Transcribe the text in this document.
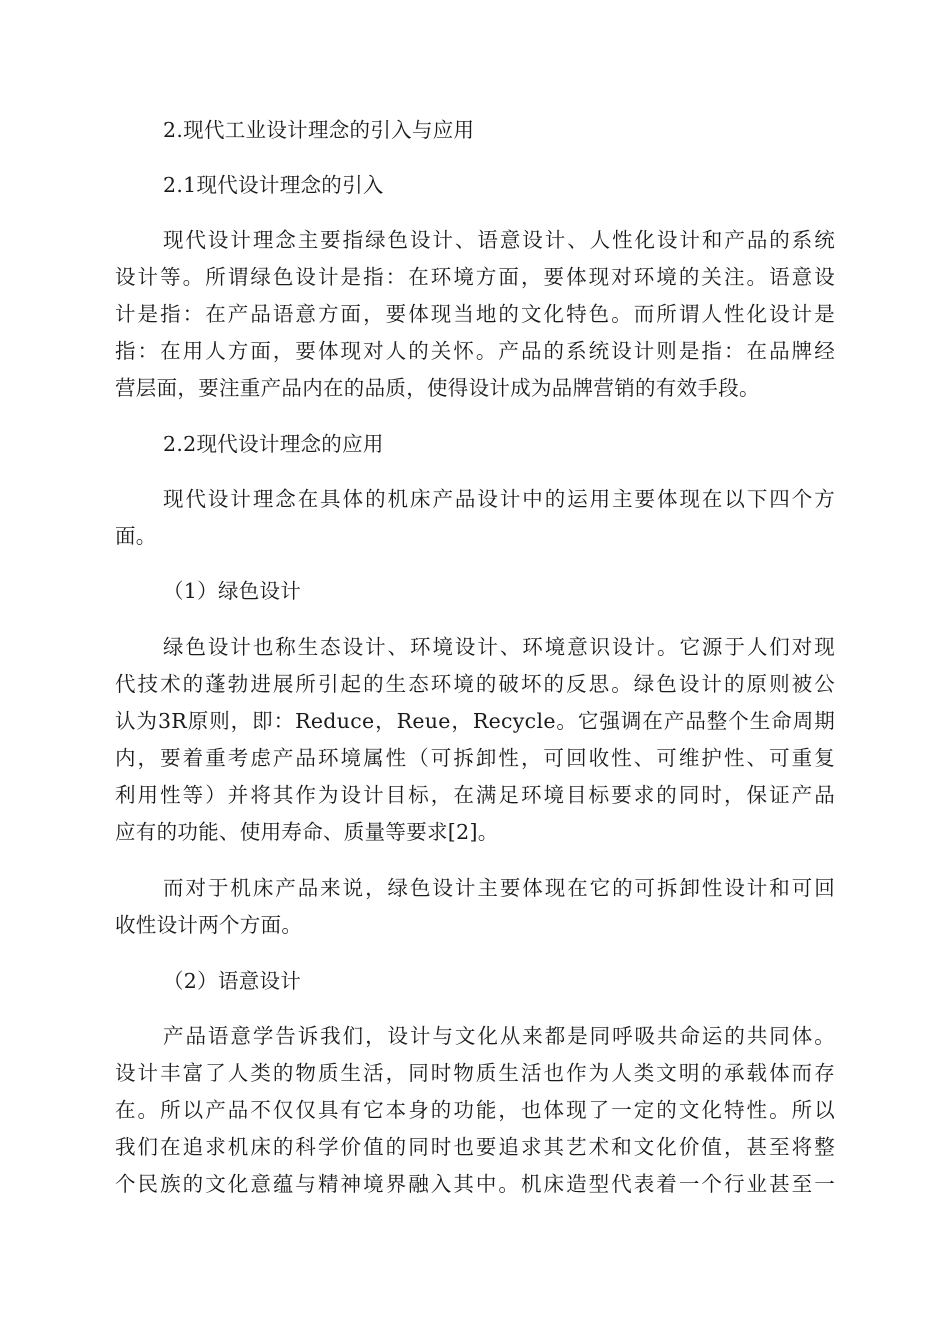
2.现代工业设计理念的引入与应用
2.1现代设计理念的引入
现代设计理念主要指绿色设计、语意设计、人性化设计和产品的系统
设计等。所谓绿色设计是指：在环境方面，要体现对环境的关注。语意设
计是指：在产品语意方面，要体现当地的文化特色。而所谓人性化设计是
指：在用人方面，要体现对人的关怀。产品的系统设计则是指：在品牌经
营层面，要注重产品内在的品质，使得设计成为品牌营销的有效手段。
2.2现代设计理念的应用
现代设计理念在具体的机床产品设计中的运用主要体现在以下四个方
面。
（1）绿色设计
绿色设计也称生态设计、环境设计、环境意识设计。它源于人们对现
代技术的蓬勃进展所引起的生态环境的破坏的反思。绿色设计的原则被公
认为3R原则，即：Reduce，Reue，Recycle。它强调在产品整个生命周期
内，要着重考虑产品环境属性（可拆卸性，可回收性、可维护性、可重复
利用性等）并将其作为设计目标，在满足环境目标要求的同时，保证产品
应有的功能、使用寿命、质量等要求[2]。
而对于机床产品来说，绿色设计主要体现在它的可拆卸性设计和可回
收性设计两个方面。
（2）语意设计
产品语意学告诉我们，设计与文化从来都是同呼吸共命运的共同体。
设计丰富了人类的物质生活，同时物质生活也作为人类文明的承载体而存
在。所以产品不仅仅具有它本身的功能，也体现了一定的文化特性。所以
我们在追求机床的科学价值的同时也要追求其艺术和文化价值，甚至将整
个民族的文化意蕴与精神境界融入其中。机床造型代表着一个行业甚至一
